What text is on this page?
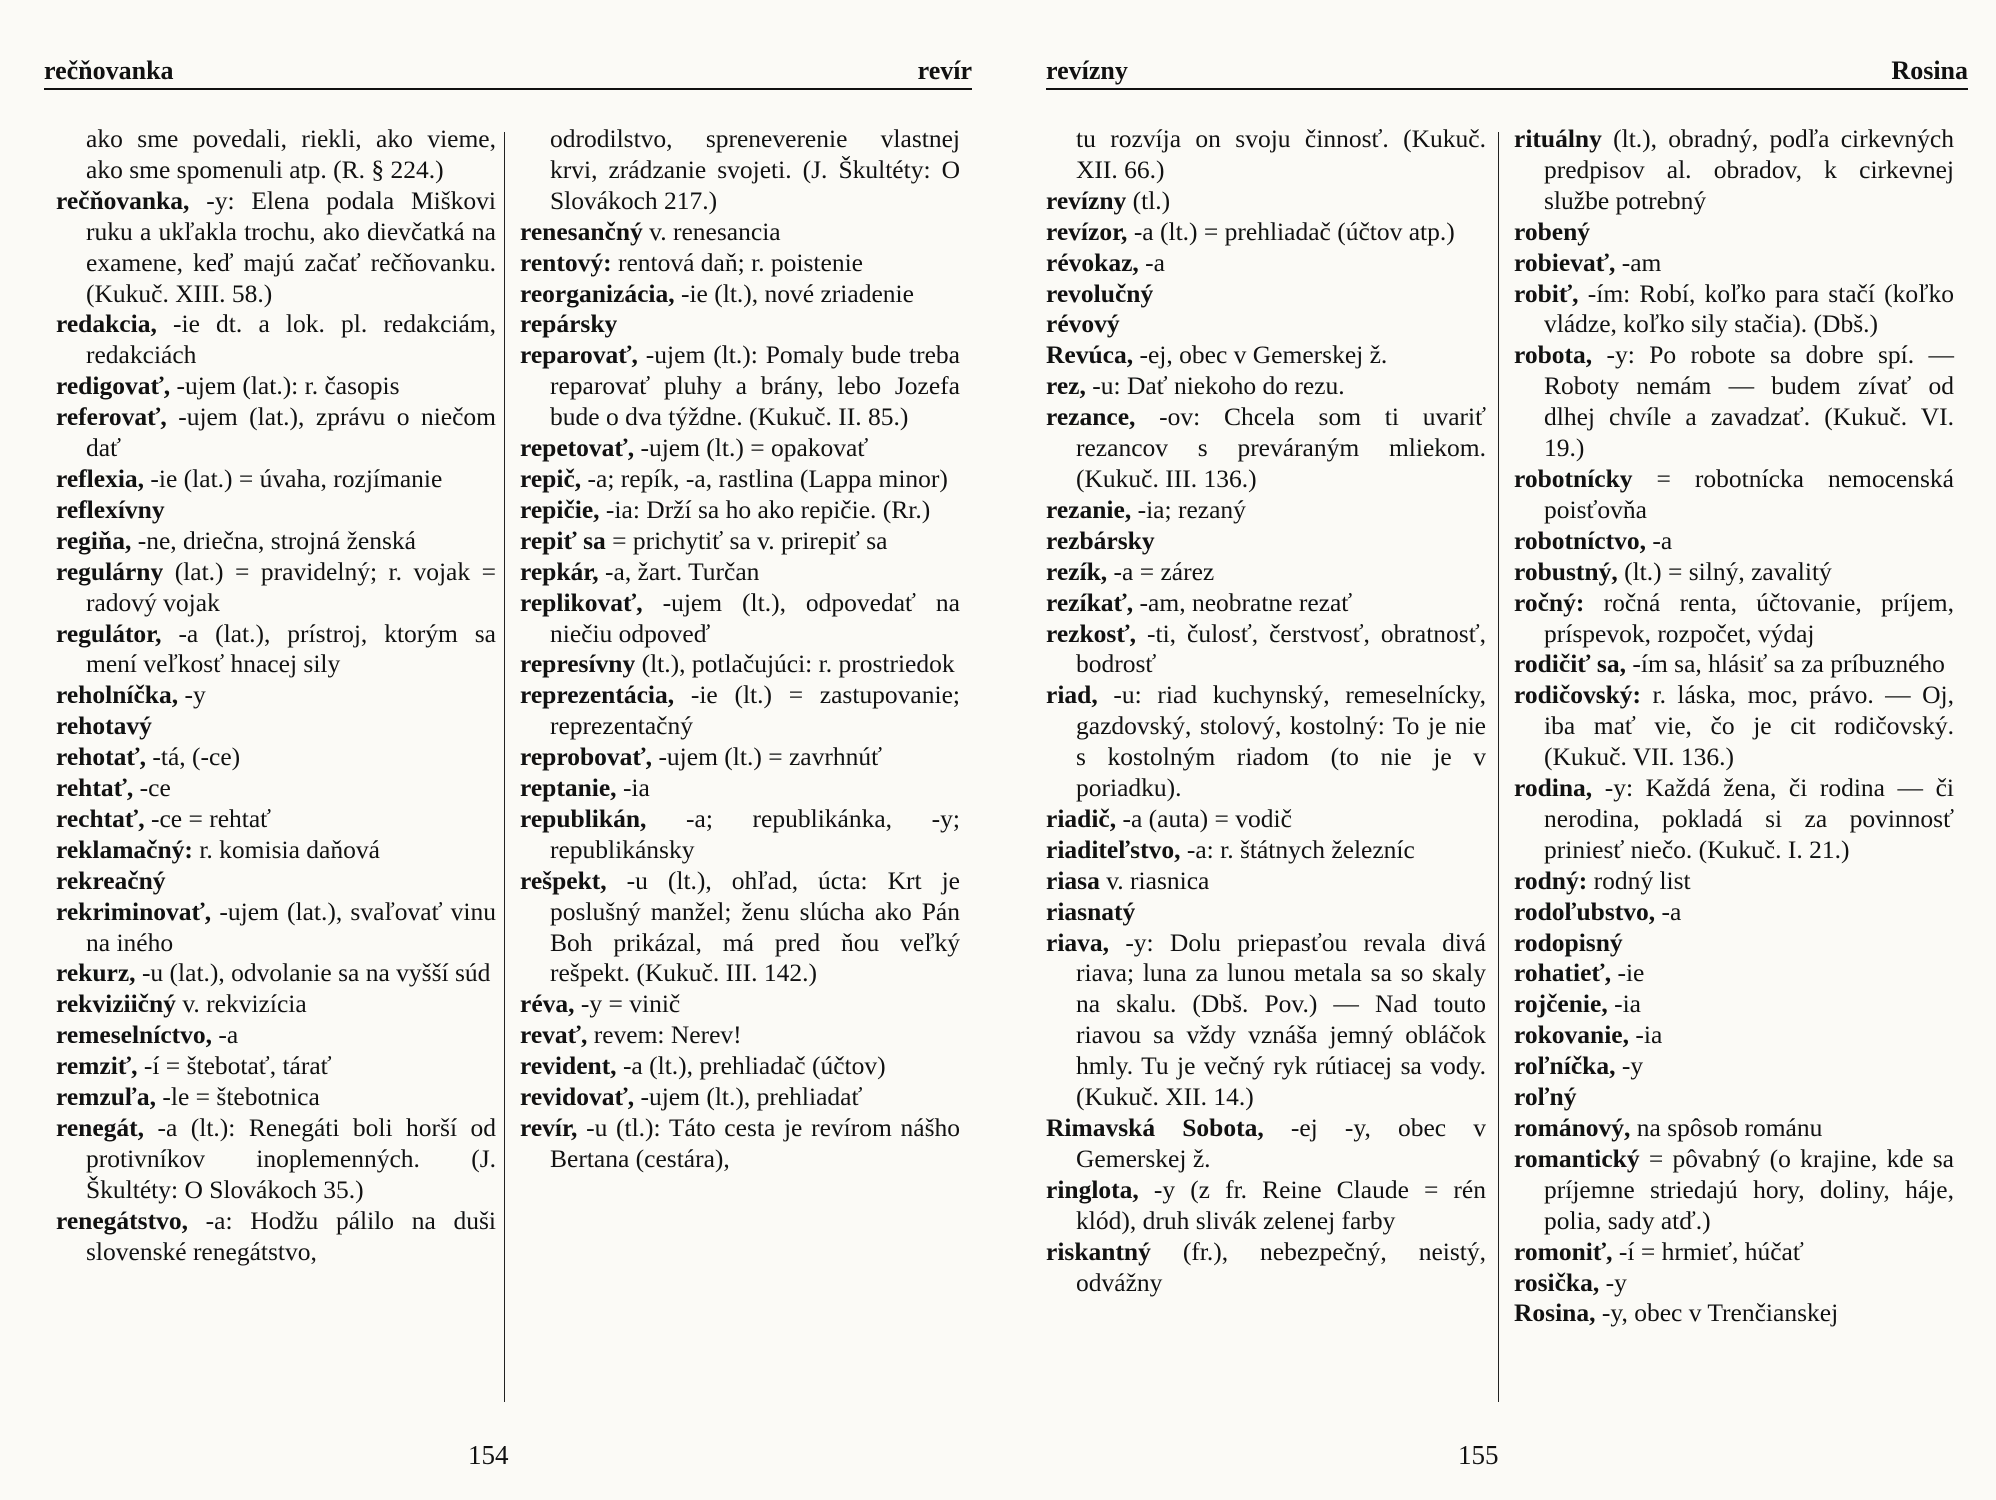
rečňovanka	revír

ako sme povedali, riekli, ako vieme, ako sme spomenuli atp. (R. § 224.)

rečňovanka, -y: Elena podala Miškovi ruku a ukľakla trochu, ako dievčatká na examene, keď majú začať rečňovanku. (Kukuč. XIII. 58.)

redakcia, -ie dt. a lok. pl. redakciám, redakciách

redigovať, -ujem (lat.): r. časopis

referovať, -ujem (lat.), zprávu o niečom dať

reflexia, -ie (lat.) = úvaha, rozjímanie

reflexívny

regiňa, -ne, driečna, strojná ženská

regulárny (lat.) = pravidelný; r. vojak = radový vojak

regulátor, -a (lat.), prístroj, ktorým sa mení veľkosť hnacej sily

reholníčka, -y

rehotavý

rehotať, -tá, (-ce)

rehtať, -ce

rechtať, -ce = rehtať

reklamačný: r. komisia daňová

rekreačný

rekriminovať, -ujem (lat.), svaľovať vinu na iného

rekurz, -u (lat.), odvolanie sa na vyšší súd

rekviziičný v. rekvizícia

remeselníctvo, -a

remziť, -í = štebotať, tárať

remzuľa, -le = štebotnica

renegát, -a (lt.): Renegáti boli horší od protivníkov inoplemenných. (J. Škultéty: O Slovákoch 35.)

renegátstvo, -a: Hodžu pálilo na duši slovenské renegátstvo,

odrodilstvo, spreneverenie vlastnej krvi, zrádzanie svojeti. (J. Škultéty: O Slovákoch 217.)

renesančný v. renesancia

rentový: rentová daň; r. poistenie

reorganizácia, -ie (lt.), nové zriadenie

repársky

reparovať, -ujem (lt.): Pomaly bude treba reparovať pluhy a brány, lebo Jozefa bude o dva týždne. (Kukuč. II. 85.)

repetovať, -ujem (lt.) = opakovať

repič, -a; repík, -a, rastlina (Lappa minor)

repičie, -ia: Drží sa ho ako repičie. (Rr.)

repiť sa = prichytiť sa v. prirepiť sa

repkár, -a, žart. Turčan

replikovať, -ujem (lt.), odpovedať na niečiu odpoveď

represívny (lt.), potlačujúci: r. prostriedok

reprezentácia, -ie (lt.) = zastupovanie; reprezentačný

reprobovať, -ujem (lt.) = zavrhnúť

reptanie, -ia

republikán, -a; republikánka, -y; republikánsky

rešpekt, -u (lt.), ohľad, úcta: Krt je poslušný manžel; ženu slúcha ako Pán Boh prikázal, má pred ňou veľký rešpekt. (Kukuč. III. 142.)

réva, -y = vinič

revať, revem: Nerev!

revident, -a (lt.), prehliadač (účtov)

revidovať, -ujem (lt.), prehliadať

revír, -u (tl.): Táto cesta je revírom nášho Bertana (cestára),

154
revízny	Rosina

tu rozvíja on svoju činnosť. (Kukuč. XII. 66.)

revízny (tl.)

revízor, -a (lt.) = prehliadač (účtov atp.)

révokaz, -a

revolučný

révový

Revúca, -ej, obec v Gemerskej ž.

rez, -u: Dať niekoho do rezu.

rezance, -ov: Chcela som ti uvariť rezancov s preváraným mliekom. (Kukuč. III. 136.)

rezanie, -ia; rezaný

rezbársky

rezík, -a = zárez

rezíkať, -am, neobratne rezať

rezkosť, -ti, čulosť, čerstvosť, obratnosť, bodrosť

riad, -u: riad kuchynský, remeselnícky, gazdovský, stolový, kostolný: To je nie s kostolným riadom (to nie je v poriadku).

riadič, -a (auta) = vodič

riaditeľstvo, -a: r. štátnych železníc

riasa v. riasnica

riasnatý

riava, -y: Dolu priepasťou revala divá riava; luna za lunou metala sa so skaly na skalu. (Dbš. Pov.) — Nad touto riavou sa vždy vznáša jemný obláčok hmly. Tu je večný ryk rútiacej sa vody. (Kukuč. XII. 14.)

Rimavská Sobota, -ej -y, obec v Gemerskej ž.

ringlota, -y (z fr. Reine Claude = rén klód), druh slivák zelenej farby

riskantný (fr.), nebezpečný, neistý, odvážny

rituálny (lt.), obradný, podľa cirkevných predpisov al. obradov, k cirkevnej službe potrebný

robený

robievať, -am

robiť, -ím: Robí, koľko para stačí (koľko vládze, koľko sily stačia). (Dbš.)

robota, -y: Po robote sa dobre spí. — Roboty nemám — budem zívať od dlhej chvíle a zavadzať. (Kukuč. VI. 19.)

robotnícky = robotnícka nemocenská poisťovňa

robotníctvo, -a

robustný, (lt.) = silný, zavalitý

ročný: ročná renta, účtovanie, príjem, príspevok, rozpočet, výdaj

rodičiť sa, -ím sa, hlásiť sa za príbuzného

rodičovský: r. láska, moc, právo. — Oj, iba mať vie, čo je cit rodičovský. (Kukuč. VII. 136.)

rodina, -y: Každá žena, či rodina — či nerodina, pokladá si za povinnosť priniesť niečo. (Kukuč. I. 21.)

rodný: rodný list

rodoľubstvo, -a

rodopisný

rohatieť, -ie

rojčenie, -ia

rokovanie, -ia

roľníčka, -y

roľný

románový, na spôsob románu

romantický = pôvabný (o krajine, kde sa príjemne striedajú hory, doliny, háje, polia, sady atď.)

romoniť, -í = hrmieť, húčať

rosička, -y

Rosina, -y, obec v Trenčianskej

155
